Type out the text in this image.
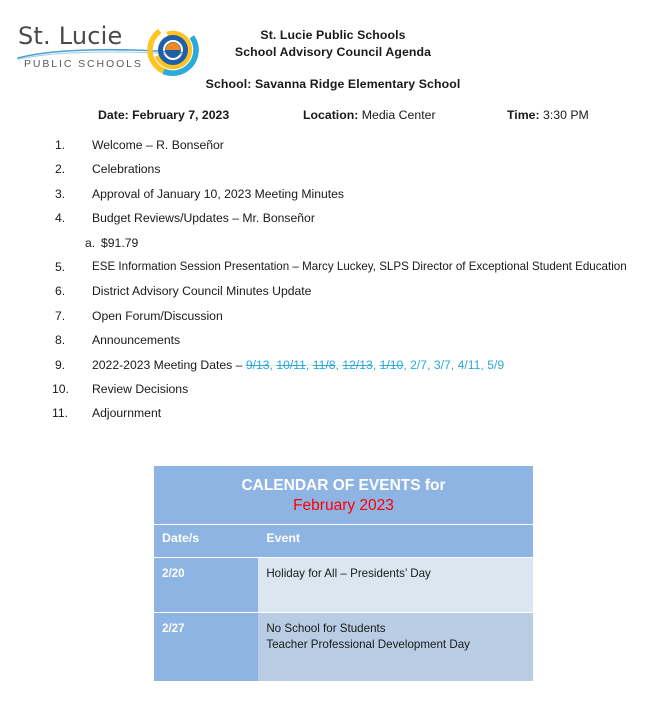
St. Lucie
PUBLIC SCHOOLS
St. Lucie Public Schools
School Advisory Council Agenda
School: Savanna Ridge Elementary School
Date: February 7, 2023	Location: Media Center	Time: 3:30 PM
1.	Welcome – R. Bonseñor
2.	Celebrations
3.	Approval of January 10, 2023 Meeting Minutes
4.	Budget Reviews/Updates – Mr. Bonseñor
a. $91.79
5.	ESE Information Session Presentation – Marcy Luckey, SLPS Director of Exceptional Student Education
6.	District Advisory Council Minutes Update
7.	Open Forum/Discussion
8.	Announcements
9.	2022-2023 Meeting Dates – 9/13, 10/11, 11/8, 12/13, 1/10, 2/7, 3/7, 4/11, 5/9
10.	Review Decisions
11.	Adjournment
CALENDAR OF EVENTS for
February 2023	

Date/s	Event
2/20	Holiday for All – Presidents’ Day

2/27	No School for Students
Teacher Professional Development Day
